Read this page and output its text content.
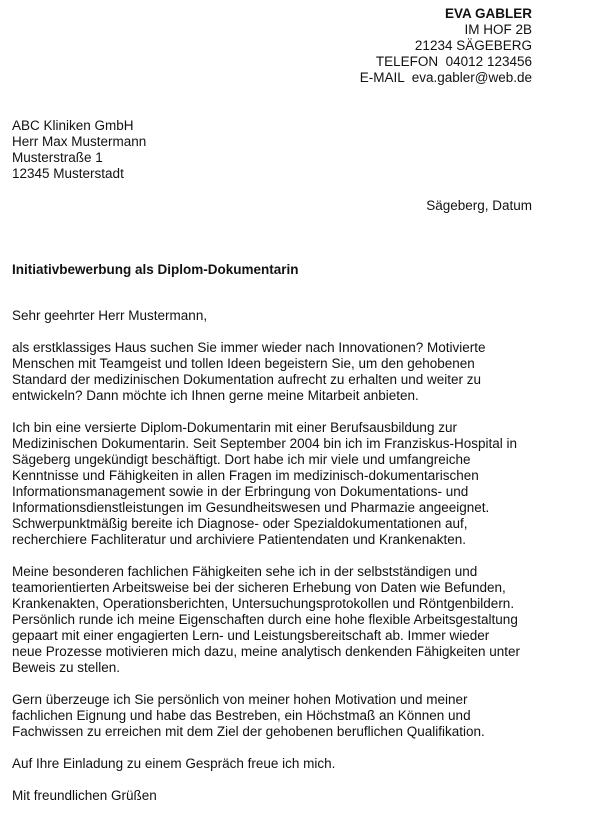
EVA GABLER
IM HOF 2B
21234 SÄGEBERG
TELEFON  04012 123456
E-MAIL  eva.gabler@web.de
ABC Kliniken GmbH
Herr Max Mustermann
Musterstraße 1
12345 Musterstadt
Sägeberg, Datum
Initiativbewerbung als Diplom-Dokumentarin

Sehr geehrter Herr Mustermann,

als erstklassiges Haus suchen Sie immer wieder nach Innovationen? Motivierte
Menschen mit Teamgeist und tollen Ideen begeistern Sie, um den gehobenen
Standard der medizinischen Dokumentation aufrecht zu erhalten und weiter zu
entwickeln? Dann möchte ich Ihnen gerne meine Mitarbeit anbieten.

Ich bin eine versierte Diplom-Dokumentarin mit einer Berufsausbildung zur
Medizinischen Dokumentarin. Seit September 2004 bin ich im Franziskus-Hospital in
Sägeberg ungekündigt beschäftigt. Dort habe ich mir viele und umfangreiche
Kenntnisse und Fähigkeiten in allen Fragen im medizinisch-dokumentarischen
Informationsmanagement sowie in der Erbringung von Dokumentations- und
Informationsdienstleistungen im Gesundheitswesen und Pharmazie angeeignet.
Schwerpunktmäßig bereite ich Diagnose- oder Spezialdokumentationen auf,
recherchiere Fachliteratur und archiviere Patientendaten und Krankenakten.

Meine besonderen fachlichen Fähigkeiten sehe ich in der selbstständigen und
teamorientierten Arbeitsweise bei der sicheren Erhebung von Daten wie Befunden,
Krankenakten, Operationsberichten, Untersuchungsprotokollen und Röntgenbildern.
Persönlich runde ich meine Eigenschaften durch eine hohe flexible Arbeitsgestaltung
gepaart mit einer engagierten Lern- und Leistungsbereitschaft ab. Immer wieder
neue Prozesse motivieren mich dazu, meine analytisch denkenden Fähigkeiten unter
Beweis zu stellen.

Gern überzeuge ich Sie persönlich von meiner hohen Motivation und meiner
fachlichen Eignung und habe das Bestreben, ein Höchstmaß an Können und
Fachwissen zu erreichen mit dem Ziel der gehobenen beruflichen Qualifikation.

Auf Ihre Einladung zu einem Gespräch freue ich mich.

Mit freundlichen Grüßen
